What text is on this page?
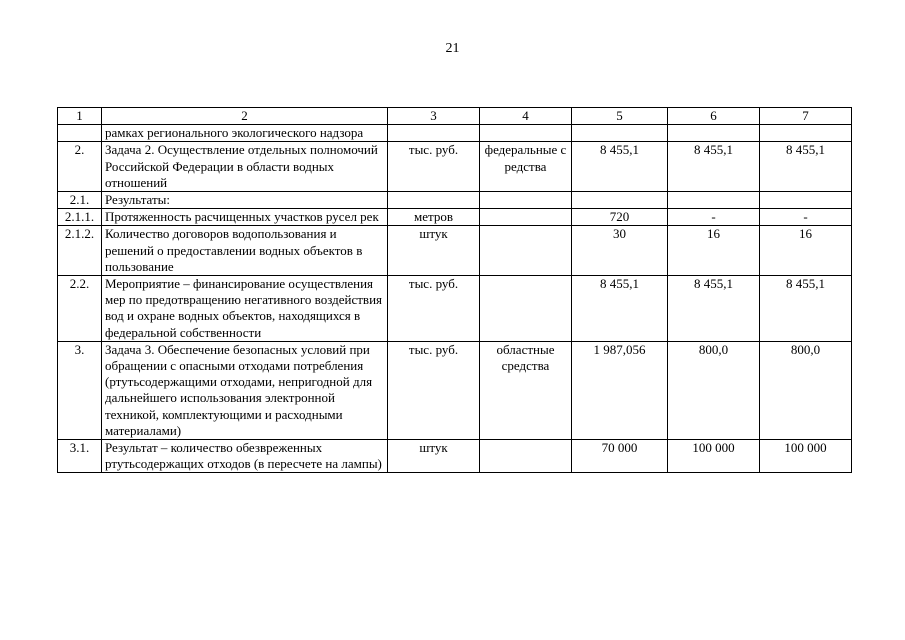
21
1	2	3	4	5	6	7
	рамках регионального экологического надзора					
2.	Задача 2. Осуществление отдельных полномочий Российской Федерации в области водных отношений	тыс. руб.	федеральные средства	8 455,1	8 455,1	8 455,1
2.1.	Результаты:					
2.1.1.	Протяженность расчищенных участков русел рек	метров		720	-	-
2.1.2.	Количество договоров водопользования и решений о предоставлении водных объектов в пользование	штук		30	16	16
2.2.	Мероприятие – финансирование осуществления мер по предотвращению негативного воздействия вод и охране водных объектов, находящихся в федеральной собственности	тыс. руб.		8 455,1	8 455,1	8 455,1
3.	Задача 3. Обеспечение безопасных условий при обращении с опасными отходами потребления (ртутьсодержащими отходами, непригодной для дальнейшего использования электронной техникой, комплектующими и расходными материалами)	тыс. руб.	областные средства	1 987,056	800,0	800,0
3.1.	Результат – количество обезвреженных ртутьсодержащих отходов (в пересчете на лампы)	штук		70 000	100 000	100 000
